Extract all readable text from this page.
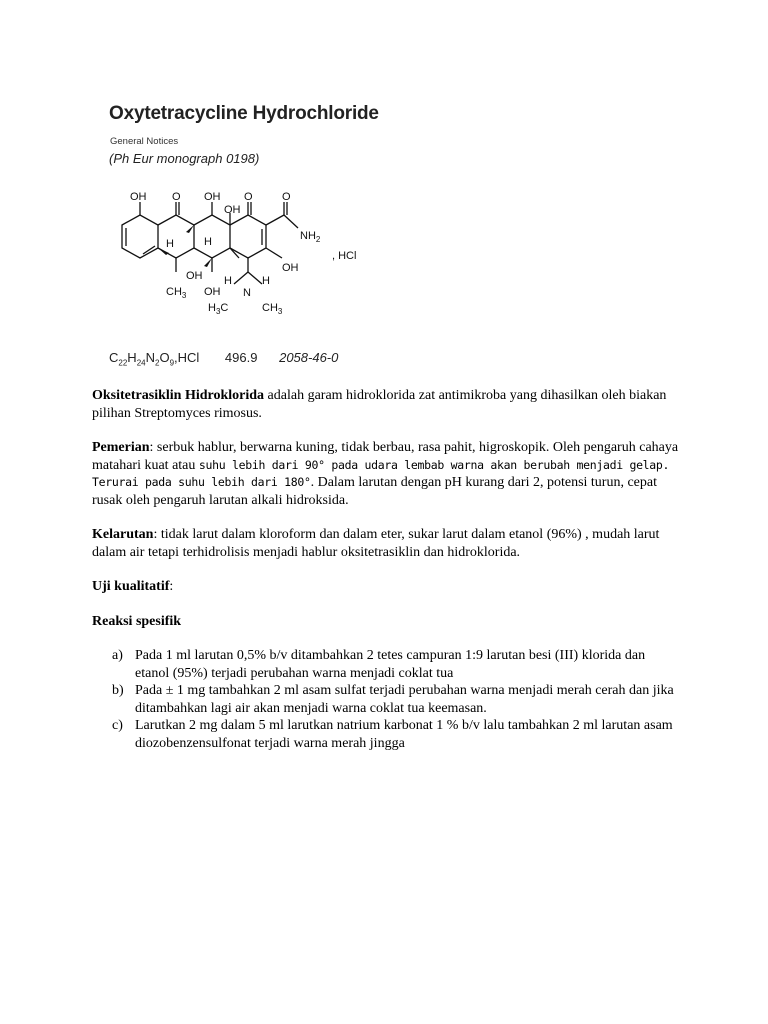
Oxytetracycline Hydrochloride
General Notices
(Ph Eur monograph 0198)
OH O OH O
OH
O
$NH_2$
, HCl
H	H
OH
OH H	H
$CH_3$ OH N
$H_3C$	$CH_3$
$C_{22}H_{24}N_2O_9,HCl$ 496.9 2058-46-0

Oksitetrasiklin Hidroklorida adalah garam hidroklorida zat antimikroba yang dihasilkan oleh biakan pilihan Streptomyces rimosus.

Pemerian: serbuk hablur, berwarna kuning, tidak berbau, rasa pahit, higroskopik. Oleh pengaruh cahaya matahari kuat atau suhu lebih dari 90° pada udara lembab warna akan berubah menjadi gelap. Terurai pada suhu lebih dari 180°. Dalam larutan dengan pH kurang dari 2, potensi turun, cepat rusak oleh pengaruh larutan alkali hidroksida.

Kelarutan: tidak larut dalam kloroform dan dalam eter, sukar larut dalam etanol (96%) , mudah larut dalam air tetapi terhidrolisis menjadi hablur oksitetrasiklin dan hidroklorida.

Uji kualitatif:

Reaksi spesifik

a) Pada 1 ml larutan 0,5% b/v ditambahkan 2 tetes campuran 1:9 larutan besi (III) klorida dan etanol (95%) terjadi perubahan warna menjadi coklat tua
b) Pada ± 1 mg tambahkan 2 ml asam sulfat terjadi perubahan warna menjadi merah cerah dan jika ditambahkan lagi air akan menjadi warna coklat tua keemasan.
c) Larutkan 2 mg dalam 5 ml larutkan natrium karbonat 1 % b/v lalu tambahkan 2 ml larutan asam diozobenzensulfonat terjadi warna merah jingga
